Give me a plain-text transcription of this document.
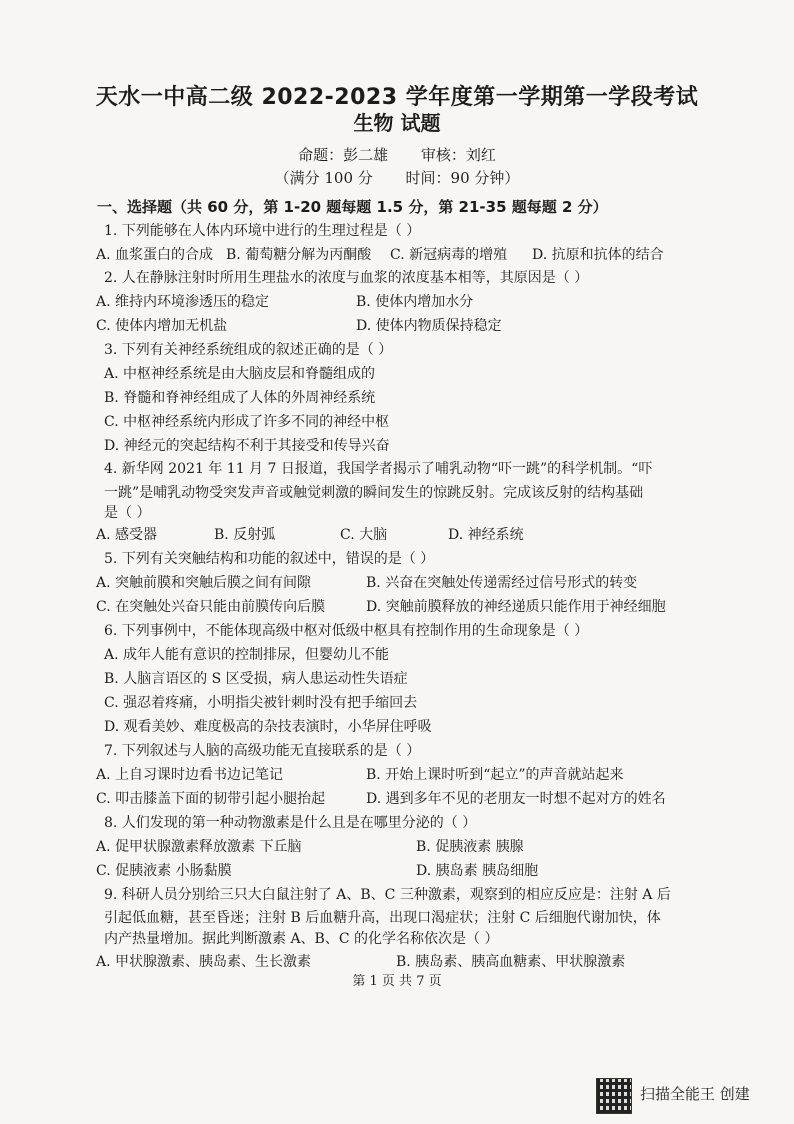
天水一中高二级 2022-2023 学年度第一学期第一学段考试
生物 试题
命题：彭二雄 审核：刘红
（满分 100 分 时间：90 分钟）
一、选择题（共 60 分，第 1-20 题每题 1.5 分，第 21-35 题每题 2 分）
1. 下列能够在人体内环境中进行的生理过程是（ ）
A. 血浆蛋白的合成 B. 葡萄糖分解为丙酮酸 C. 新冠病毒的增殖 D. 抗原和抗体的结合
2. 人在静脉注射时所用生理盐水的浓度与血浆的浓度基本相等，其原因是（ ）
A. 维持内环境渗透压的稳定	B. 使体内增加水分
C. 使体内增加无机盐	D. 使体内物质保持稳定
3. 下列有关神经系统组成的叙述正确的是（ ）
A. 中枢神经系统是由大脑皮层和脊髓组成的
B. 脊髓和脊神经组成了人体的外周神经系统
C. 中枢神经系统内形成了许多不同的神经中枢
D. 神经元的突起结构不利于其接受和传导兴奋
4. 新华网 2021 年 11 月 7 日报道，我国学者揭示了哺乳动物“吓一跳”的科学机制。“吓
一跳”是哺乳动物受突发声音或触觉刺激的瞬间发生的惊跳反射。完成该反射的结构基础
是（ ）
A. 感受器	B. 反射弧	C. 大脑	D. 神经系统
5. 下列有关突触结构和功能的叙述中，错误的是（ ）
A. 突触前膜和突触后膜之间有间隙	B. 兴奋在突触处传递需经过信号形式的转变
C. 在突触处兴奋只能由前膜传向后膜	D. 突触前膜释放的神经递质只能作用于神经细胞
6. 下列事例中，不能体现高级中枢对低级中枢具有控制作用的生命现象是（ ）
A. 成年人能有意识的控制排尿，但婴幼儿不能
B. 人脑言语区的 S 区受损，病人患运动性失语症
C. 强忍着疼痛，小明指尖被针刺时没有把手缩回去
D. 观看美妙、难度极高的杂技表演时，小华屏住呼吸
7. 下列叙述与人脑的高级功能无直接联系的是（ ）
A. 上自习课时边看书边记笔记	B. 开始上课时听到“起立”的声音就站起来
C. 叩击膝盖下面的韧带引起小腿抬起	D. 遇到多年不见的老朋友一时想不起对方的姓名
8. 人们发现的第一种动物激素是什么且是在哪里分泌的（ ）
A. 促甲状腺激素释放激素 下丘脑	B. 促胰液素 胰腺
C. 促胰液素 小肠黏膜	D. 胰岛素 胰岛细胞
9. 科研人员分别给三只大白鼠注射了 A、B、C 三种激素，观察到的相应反应是：注射 A 后
引起低血糖，甚至昏迷；注射 B 后血糖升高，出现口渴症状；注射 C 后细胞代谢加快，体
内产热量增加。据此判断激素 A、B、C 的化学名称依次是（ ）
A. 甲状腺激素、胰岛素、生长激素	B. 胰岛素、胰高血糖素、甲状腺激素
第 1 页 共 7 页
扫描全能王 创建
